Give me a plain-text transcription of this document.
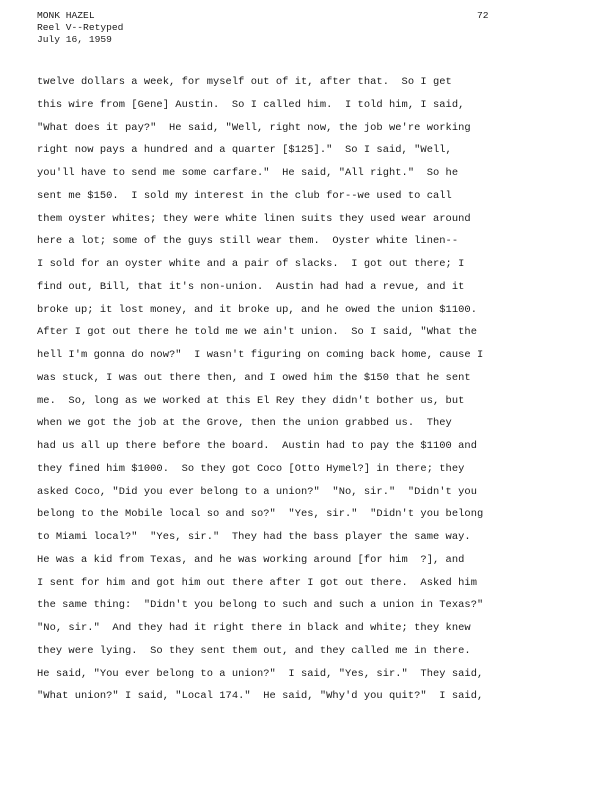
MONK HAZEL
Reel V--Retyped
July 16, 1959
72
twelve dollars a week, for myself out of it, after that.  So I get
this wire from [Gene] Austin.  So I called him.  I told him, I said,
"What does it pay?"  He said, "Well, right now, the job we're working
right now pays a hundred and a quarter [$125]."  So I said, "Well,
you'll have to send me some carfare."  He said, "All right."  So he
sent me $150.  I sold my interest in the club for--we used to call
them oyster whites; they were white linen suits they used wear around
here a lot; some of the guys still wear them.  Oyster white linen--
I sold for an oyster white and a pair of slacks.  I got out there; I
find out, Bill, that it's non-union.  Austin had had a revue, and it
broke up; it lost money, and it broke up, and he owed the union $1100.
After I got out there he told me we ain't union.  So I said, "What the
hell I'm gonna do now?"  I wasn't figuring on coming back home, cause I
was stuck, I was out there then, and I owed him the $150 that he sent
me.  So, long as we worked at this El Rey they didn't bother us, but
when we got the job at the Grove, then the union grabbed us.  They
had us all up there before the board.  Austin had to pay the $1100 and
they fined him $1000.  So they got Coco [Otto Hymel?] in there; they
asked Coco, "Did you ever belong to a union?"  "No, sir."  "Didn't you
belong to the Mobile local so and so?"  "Yes, sir."  "Didn't you belong
to Miami local?"  "Yes, sir."  They had the bass player the same way.
He was a kid from Texas, and he was working around [for him  ?], and
I sent for him and got him out there after I got out there.  Asked him
the same thing:  "Didn't you belong to such and such a union in Texas?"
"No, sir."  And they had it right there in black and white; they knew
they were lying.  So they sent them out, and they called me in there.
He said, "You ever belong to a union?"  I said, "Yes, sir."  They said,
"What union?" I said, "Local 174."  He said, "Why'd you quit?"  I said,
